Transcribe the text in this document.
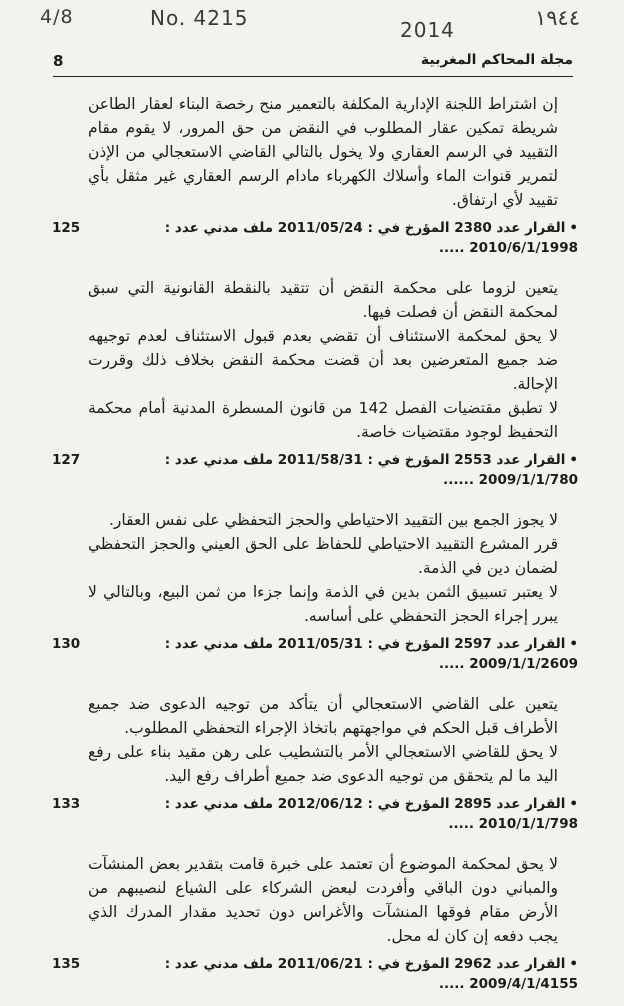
4/8	No. 4215	2014	١٩٤٤
8	مجلة المحاكم المغربية

إن اشتراط اللجنة الإدارية المكلفة بالتعمير منح رخصة البناء لعقار الطاعن شريطة تمكين عقار المطلوب في النقض من حق المرور، لا يقوم مقام التقييد في الرسم العقاري ولا يخول بالتالي القاضي الاستعجالي من الإذن لتمرير قنوات الماء وأسلاك الكهرباء مادام الرسم العقاري غير مثقل بأي تقييد لأي ارتفاق.

•القرار عدد 2380 المؤرخ في : 2011/05/24 ملف مدني عدد : 2010/6/1/1998 .....
125

يتعين لزوما على محكمة النقض أن تتقيد بالنقطة القانونية التي سبق لمحكمة النقض أن فصلت فيها.

لا يحق لمحكمة الاستئناف أن تقضي بعدم قبول الاستئناف لعدم توجيهه ضد جميع المتعرضين بعد أن قضت محكمة النقض بخلاف ذلك وقررت الإحالة.

لا تطبق مقتضيات الفصل 142 من قانون المسطرة المدنية أمام محكمة التحفيظ لوجود مقتضيات خاصة.

•القرار عدد 2553 المؤرخ في : 2011/58/31 ملف مدني عدد : 2009/1/1/780 ......
127

لا يجوز الجمع بين التقييد الاحتياطي والحجز التحفظي على نفس العقار.

قرر المشرع التقييد الاحتياطي للحفاظ على الحق العيني والحجز التحفظي لضمان دين في الذمة.

لا يعتبر تسبيق الثمن بدين في الذمة وإنما جزءا من ثمن البيع، وبالتالي لا يبرر إجراء الحجز التحفظي على أساسه.

•القرار عدد 2597 المؤرخ في : 2011/05/31 ملف مدني عدد : 2009/1/1/2609 .....
130

يتعين على القاضي الاستعجالي أن يتأكد من توجيه الدعوى ضد جميع الأطراف قبل الحكم في مواجهتهم باتخاذ الإجراء التحفظي المطلوب.

لا يحق للقاضي الاستعجالي الأمر بالتشطيب على رهن مقيد بناء على رفع اليد ما لم يتحقق من توجيه الدعوى ضد جميع أطراف رفع اليد.

•القرار عدد 2895 المؤرخ في : 2012/06/12 ملف مدني عدد : 2010/1/1/798 .....
133

لا يحق لمحكمة الموضوع أن تعتمد على خبرة قامت بتقدير بعض المنشآت والمباني دون الباقي وأفردت لبعض الشركاء على الشياع لنصيبهم من الأرض مقام فوقها المنشآت والأغراس دون تحديد مقدار المدرك الذي يجب دفعه إن كان له محل.

•القرار عدد 2962 المؤرخ في : 2011/06/21 ملف مدني عدد : 2009/4/1/4155 .....
135
